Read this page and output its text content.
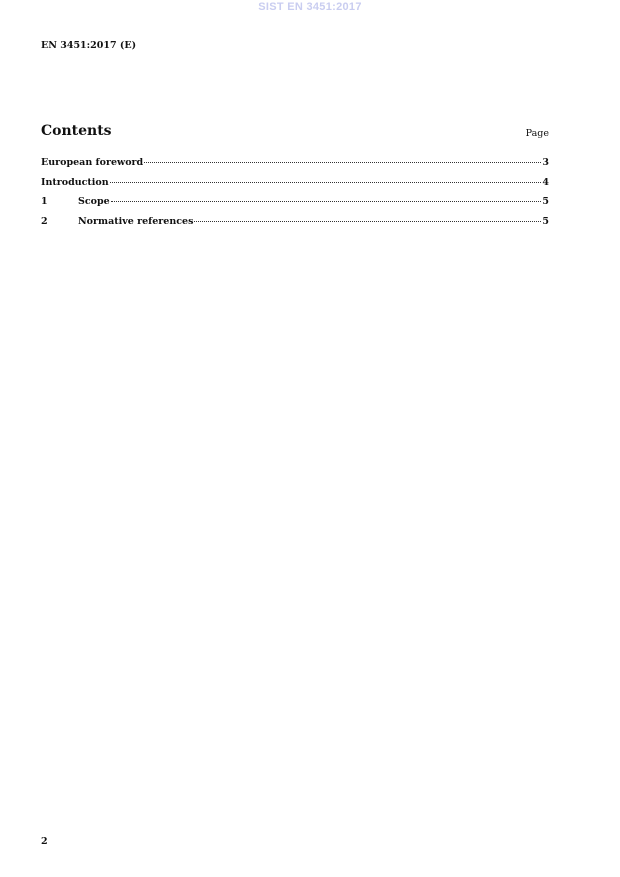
SIST EN 3451:2017
EN 3451:2017 (E)
Contents	Page
European foreword	3
Introduction	4
1	Scope	5
2	Normative references	5
2
